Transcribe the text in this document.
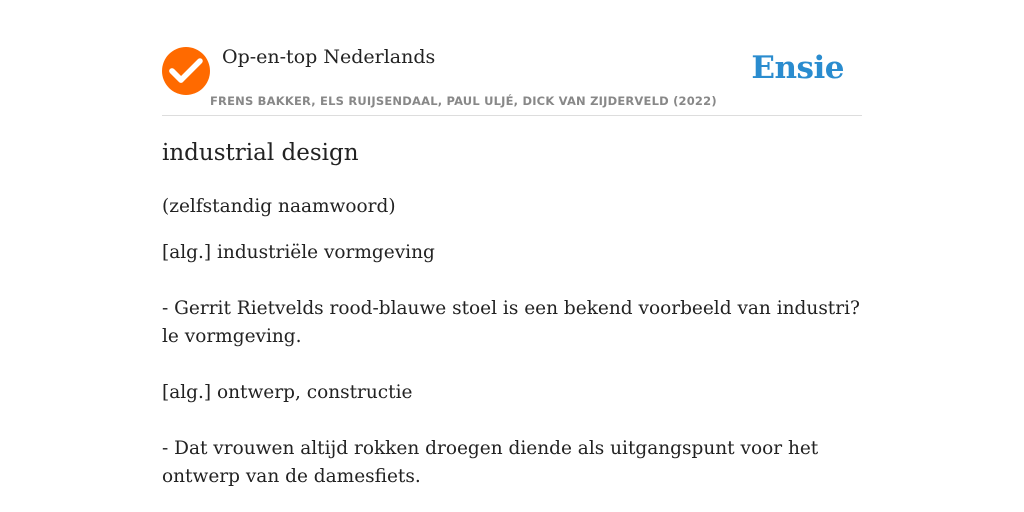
Op-en-top Nederlands
FRENS BAKKER, ELS RUIJSENDAAL, PAUL ULJÉ, DICK VAN ZIJDERVELD (2022)
Ensie
industrial design
(zelfstandig naamwoord)
[alg.] industriële vormgeving
- Gerrit Rietvelds rood-blauwe stoel is een bekend voorbeeld van industri?le vormgeving.
[alg.] ontwerp, constructie
- Dat vrouwen altijd rokken droegen diende als uitgangspunt voor het ontwerp van de damesfiets.
